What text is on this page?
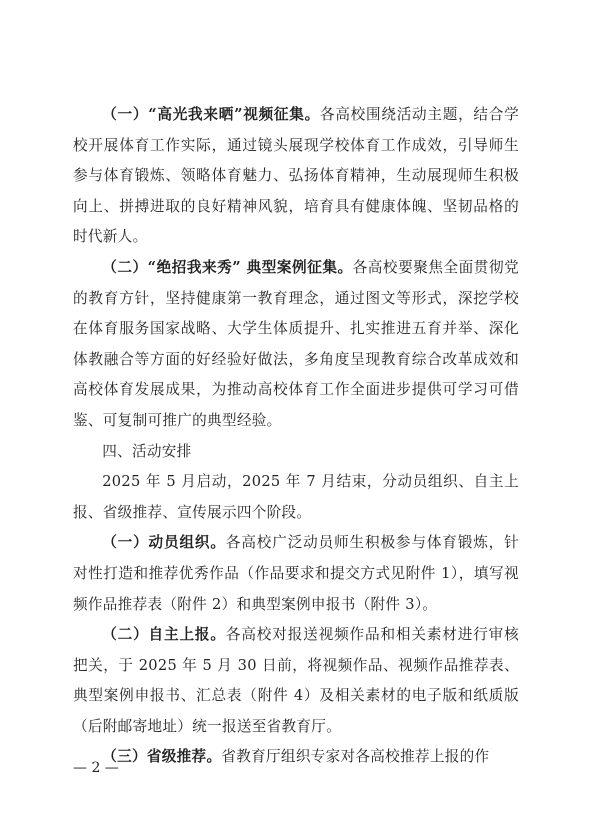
（一）“高光我来晒”视频征集。各高校围绕活动主题，结合学校开展体育工作实际，通过镜头展现学校体育工作成效，引导师生参与体育锻炼、领略体育魅力、弘扬体育精神，生动展现师生积极向上、拼搏进取的良好精神风貌，培育具有健康体魄、坚韧品格的时代新人。

（二）“绝招我来秀” 典型案例征集。各高校要聚焦全面贯彻党的教育方针，坚持健康第一教育理念，通过图文等形式，深挖学校在体育服务国家战略、大学生体质提升、扎实推进五育并举、深化体教融合等方面的好经验好做法，多角度呈现教育综合改革成效和高校体育发展成果，为推动高校体育工作全面进步提供可学习可借鉴、可复制可推广的典型经验。

四、活动安排

2025 年 5 月启动，2025 年 7 月结束，分动员组织、自主上报、省级推荐、宣传展示四个阶段。

（一）动员组织。各高校广泛动员师生积极参与体育锻炼，针对性打造和推荐优秀作品（作品要求和提交方式见附件 1），填写视频作品推荐表（附件 2）和典型案例申报书（附件 3）。

（二）自主上报。各高校对报送视频作品和相关素材进行审核把关，于 2025 年 5 月 30 日前，将视频作品、视频作品推荐表、典型案例申报书、汇总表（附件 4）及相关素材的电子版和纸质版（后附邮寄地址）统一报送至省教育厅。

（三）省级推荐。省教育厅组织专家对各高校推荐上报的作

— 2 —
